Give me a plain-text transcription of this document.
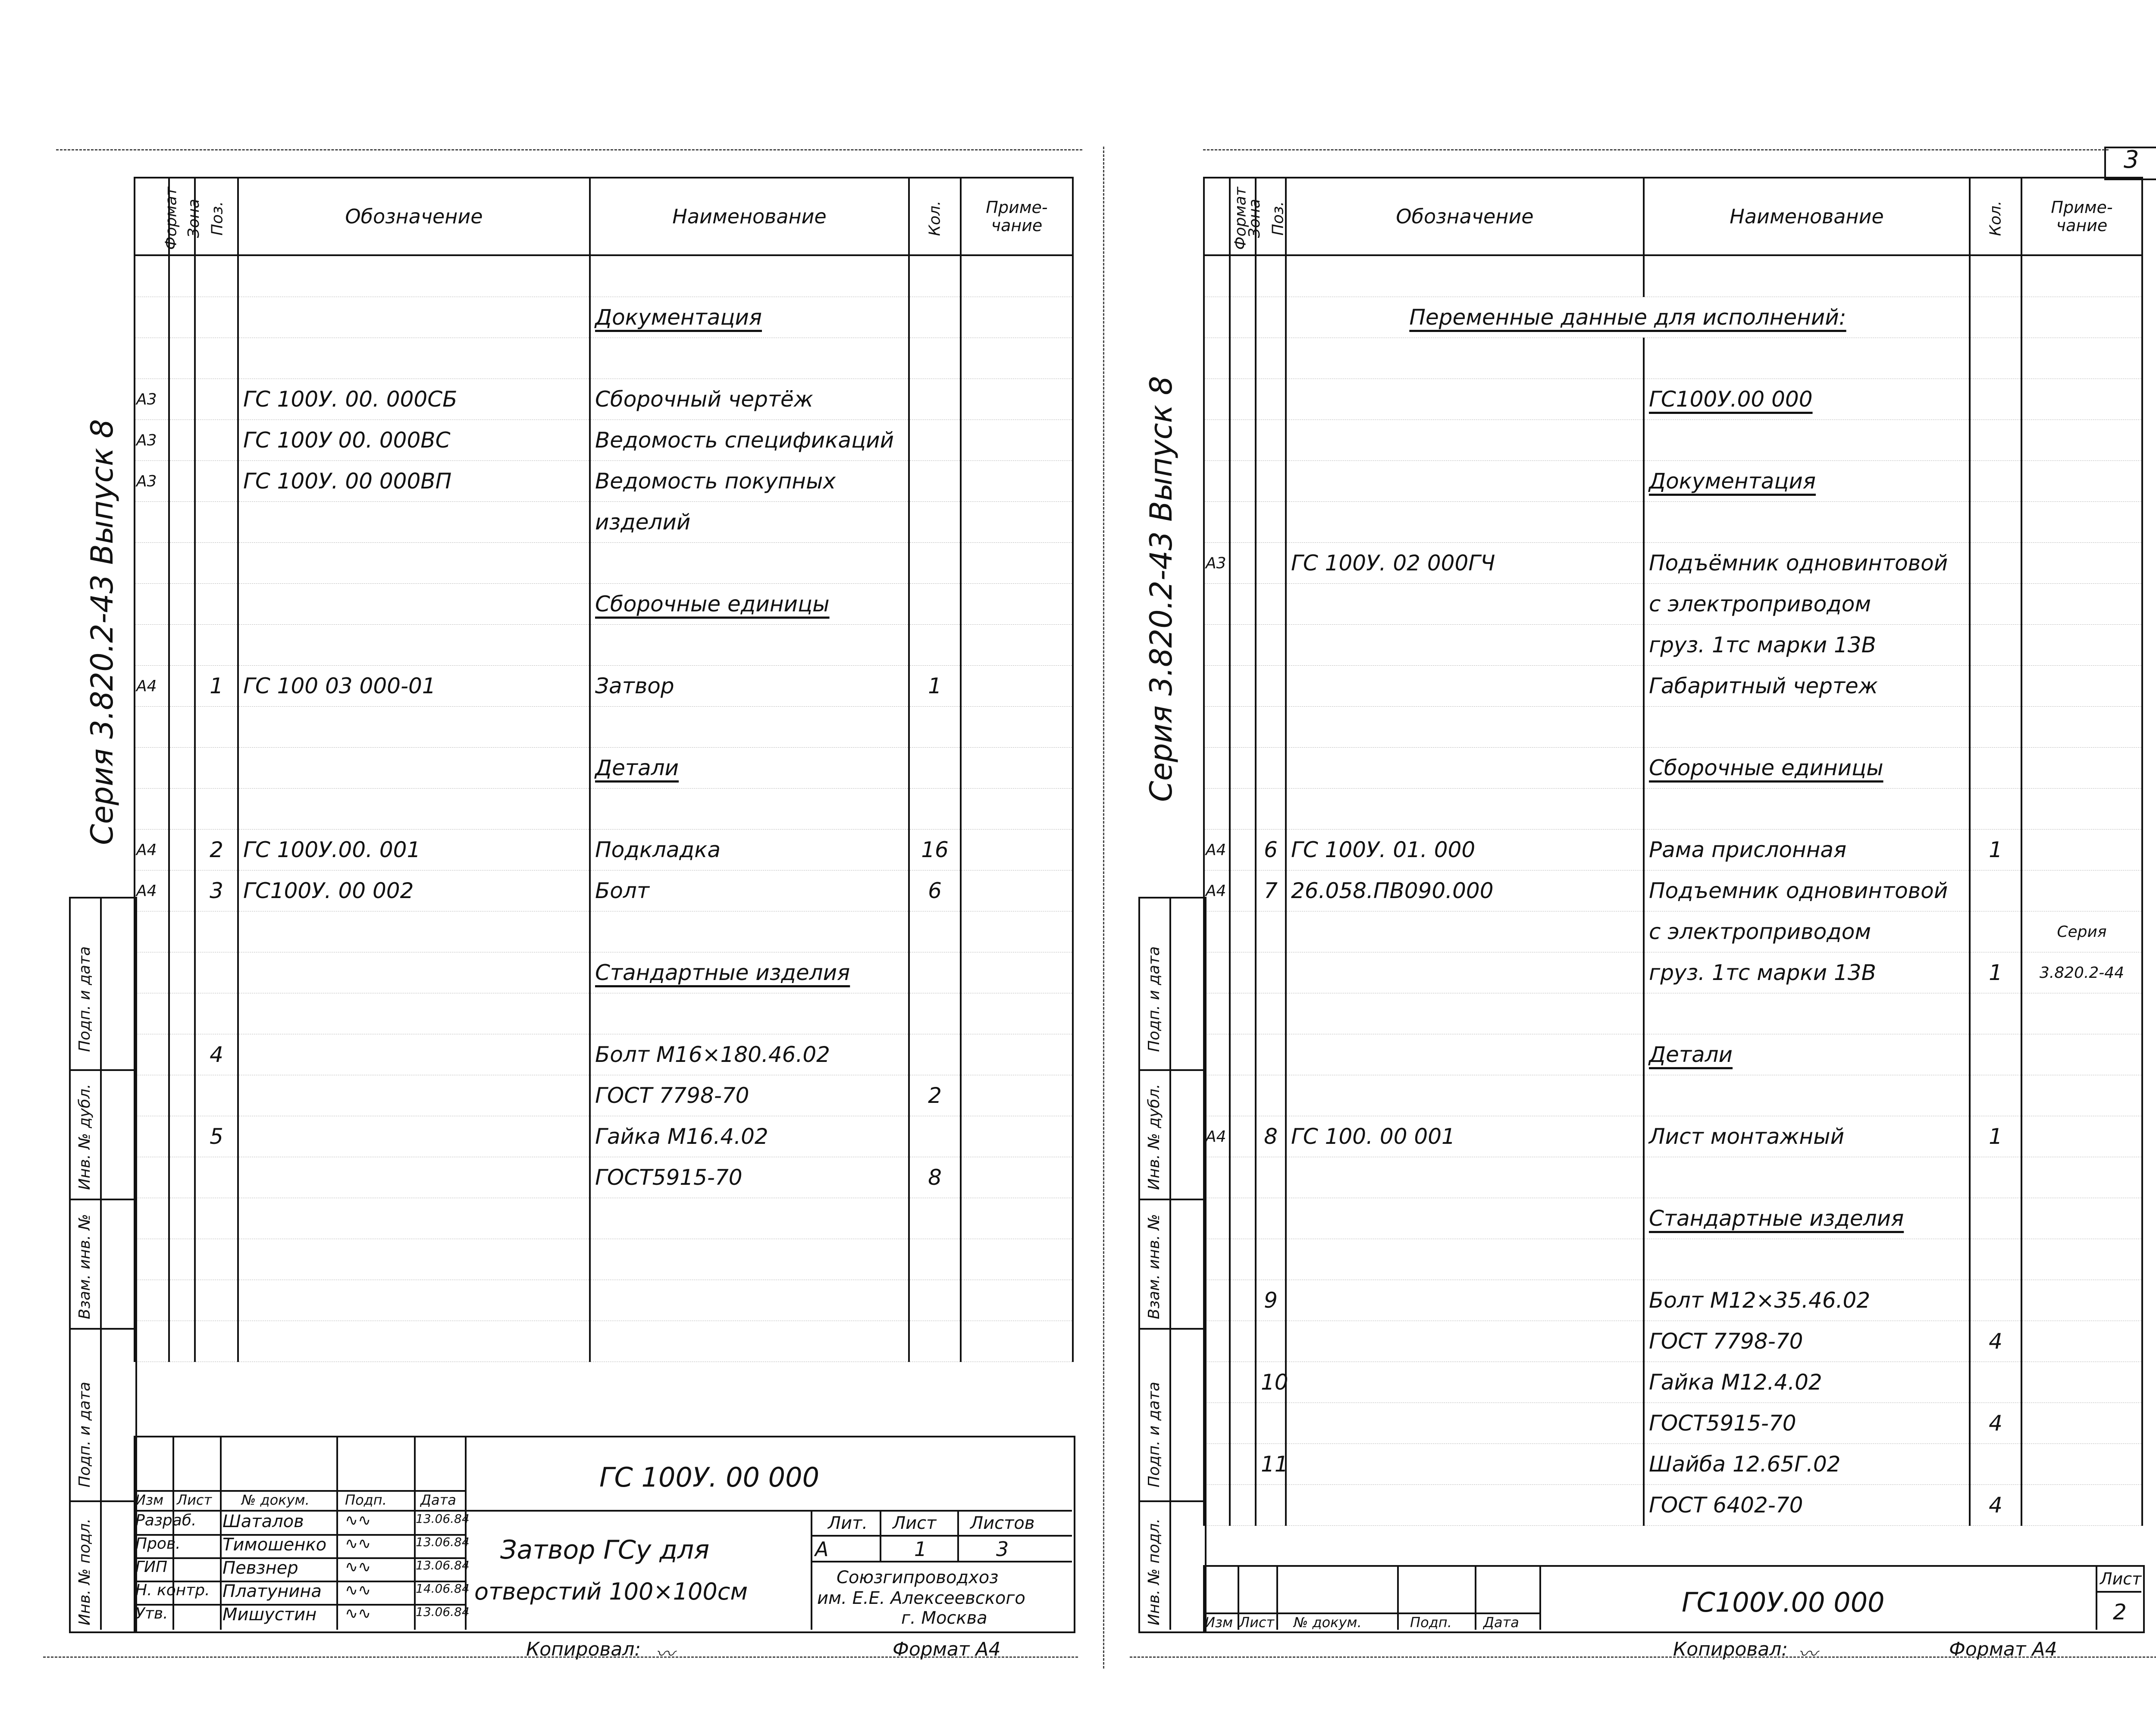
3
Серия 3.820.2-43 Выпуск 8
Формат	Зона	Поз.	Обозначение	Наименование	Кол.	Приме-
чание

				Документация		

А3			ГС 100У. 00. 000СБ	Сборочный чертёж		
А3			ГС 100У 00. 000ВС	Ведомость спецификаций		
А3			ГС 100У. 00 000ВП	Ведомость покупных		
				изделий		

				Сборочные единицы		

А4		1	ГС 100 03 000-01	Затвор	1	

				Детали		

А4		2	ГС 100У.00. 001	Подкладка	16	
А4		3	ГС100У. 00 002	Болт	6	

				Стандартные изделия		

		4		Болт М16×180.46.02		
				ГОСТ 7798-70	2	
		5		Гайка М16.4.02		
				ГОСТ5915-70	8	

Подп. и дата
Инв. № дубл.
Взам. инв. №
Подп. и дата
Инв. № подл.
ГС 100У. 00 000
Затвор ГСу для
отверстий 100×100см
Лит. Лист Листов
А	1	3
Союзгипроводхоз
им. Е.Е. Алексеевского
г. Москва
Изм Лист № докум.	Подп. Дата
Разраб. Шаталов	13.06.84
∿∿
Пров. Тимошенко	13.06.84
∿∿
ГИП	Певзнер	13.06.84
∿∿
Н. контр. Платунина	14.06.84
∿∿
Утв.	Мишустин	13.06.84
∿∿
Копировал: 〰	Формат А4
Серия 3.820.2-43 Выпуск 8
Формат	Зона	Поз.	Обозначение	Наименование	Кол.	Приме-
чание

			Переменные данные для исполнений:			

				ГС100У.00 000		

				Документация		

А3			ГС 100У. 02 000ГЧ	Подъёмник одновинтовой		
				с электроприводом		
				груз. 1тс марки 13В		
				Габаритный чертеж		

				Сборочные единицы		

А4		6	ГС 100У. 01. 000	Рама прислонная	1	
А4		7	26.058.ПВ090.000	Подъемник одновинтовой		
				с электроприводом		Серия
				груз. 1тс марки 13В	1	3.820.2-44

				Детали		

А4		8	ГС 100. 00 001	Лист монтажный	1	

				Стандартные изделия		

		9		Болт М12×35.46.02		
				ГОСТ 7798-70	4	
		10		Гайка М12.4.02		
				ГОСТ5915-70	4	
		11		Шайба 12.65Г.02		
				ГОСТ 6402-70	4	
Подп. и дата
Инв. № дубл.
Взам. инв. №
Подп. и дата
Инв. № подл.	ГС100У.00 000
Лист
2
Изм Лист № докум.	Подп. Дата
Копировал: 〰	Формат А4
